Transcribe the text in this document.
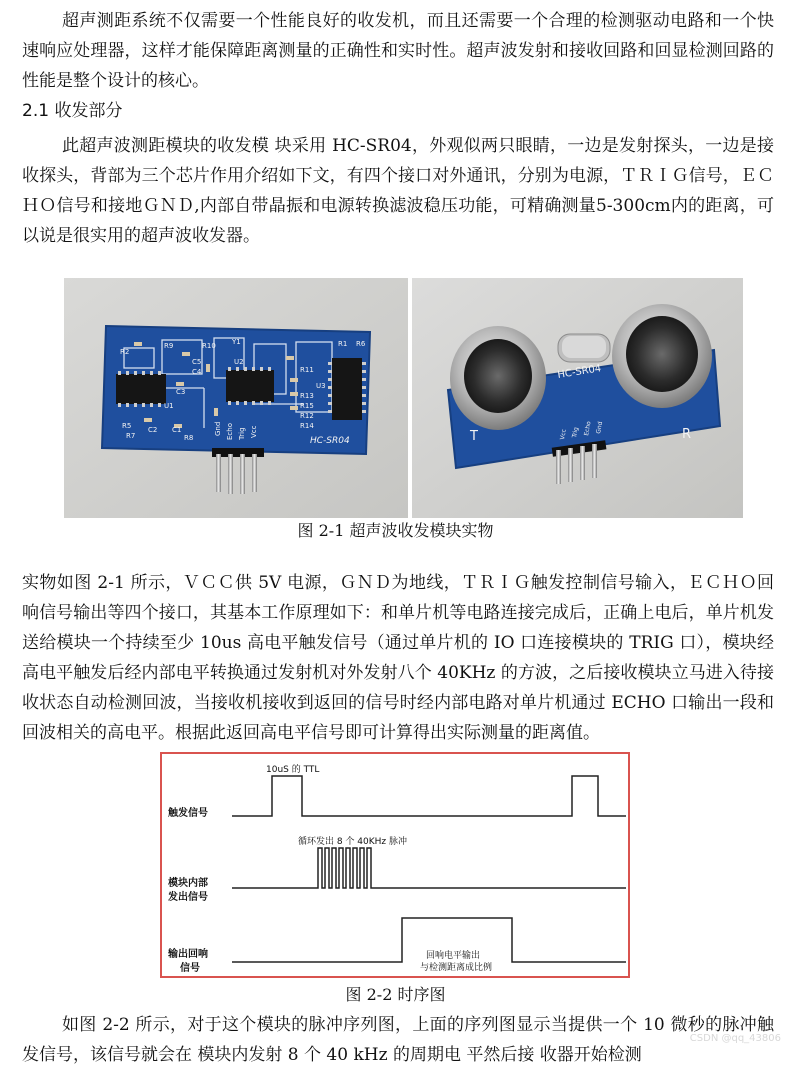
超声测距系统不仅需要一个性能良好的收发机，而且还需要一个合理的检测驱动电路和一个快速响应处理器，这样才能保障距离测量的正确性和实时性。超声波发射和接收回路和回显检测回路的性能是整个设计的核心。

2.1 收发部分

此超声波测距模块的收发模 块采用 HC-SR04，外观似两只眼睛，一边是发射探头，一边是接收探头，背部为三个芯片作用介绍如下文，有四个接口对外通讯，分别为电源，ＴＲＩＧ信号，ＥＣＨＯ信号和接地ＧＮＤ,内部自带晶振和电源转换滤波稳压功能，可精确测量5-300cm内的距离，可以说是很实用的超声波收发器。

R2
R9	Y1	R1 R6
C5
C4
U2
R11
U3
C3	R13
R15
R12
U1
R5 C2 C1
R7
R14
R8
R10
Gnd Echo Trig Vcc
HC-SR04
HC-SR04
T	R
Vcc Trig Echo Gnd

图 2-1 超声波收发模块实物

实物如图 2-1 所示，ＶＣＣ供 5V 电源，ＧＮＤ为地线，ＴＲＩＧ触发控制信号输入，ＥＣＨＯ回响信号输出等四个接口，其基本工作原理如下：和单片机等电路连接完成后，正确上电后，单片机发送给模块一个持续至少 10us 高电平触发信号（通过单片机的 IO 口连接模块的 TRIG 口），模块经高电平触发后经内部电平转换通过发射机对外发射八个 40KHz 的方波，之后接收模块立马进入待接收状态自动检测回波，当接收机接收到返回的信号时经内部电路对单片机通过 ECHO 口输出一段和回波相关的高电平。根据此返回高电平信号即可计算得出实际测量的距离值。

触发信号
模块内部
发出信号
输出回响
信号
10uS 的 TTL
循环发出 8 个 40KHz 脉冲
回响电平输出
与检测距离成比例

图 2-2 时序图

如图 2-2 所示，对于这个模块的脉冲序列图，上面的序列图显示当提供一个 10 微秒的脉冲触发信号，该信号就会在 模块内发射 8 个 40 kHz 的周期电 平然后接 收器开始检测

CSDN @qq_43806
